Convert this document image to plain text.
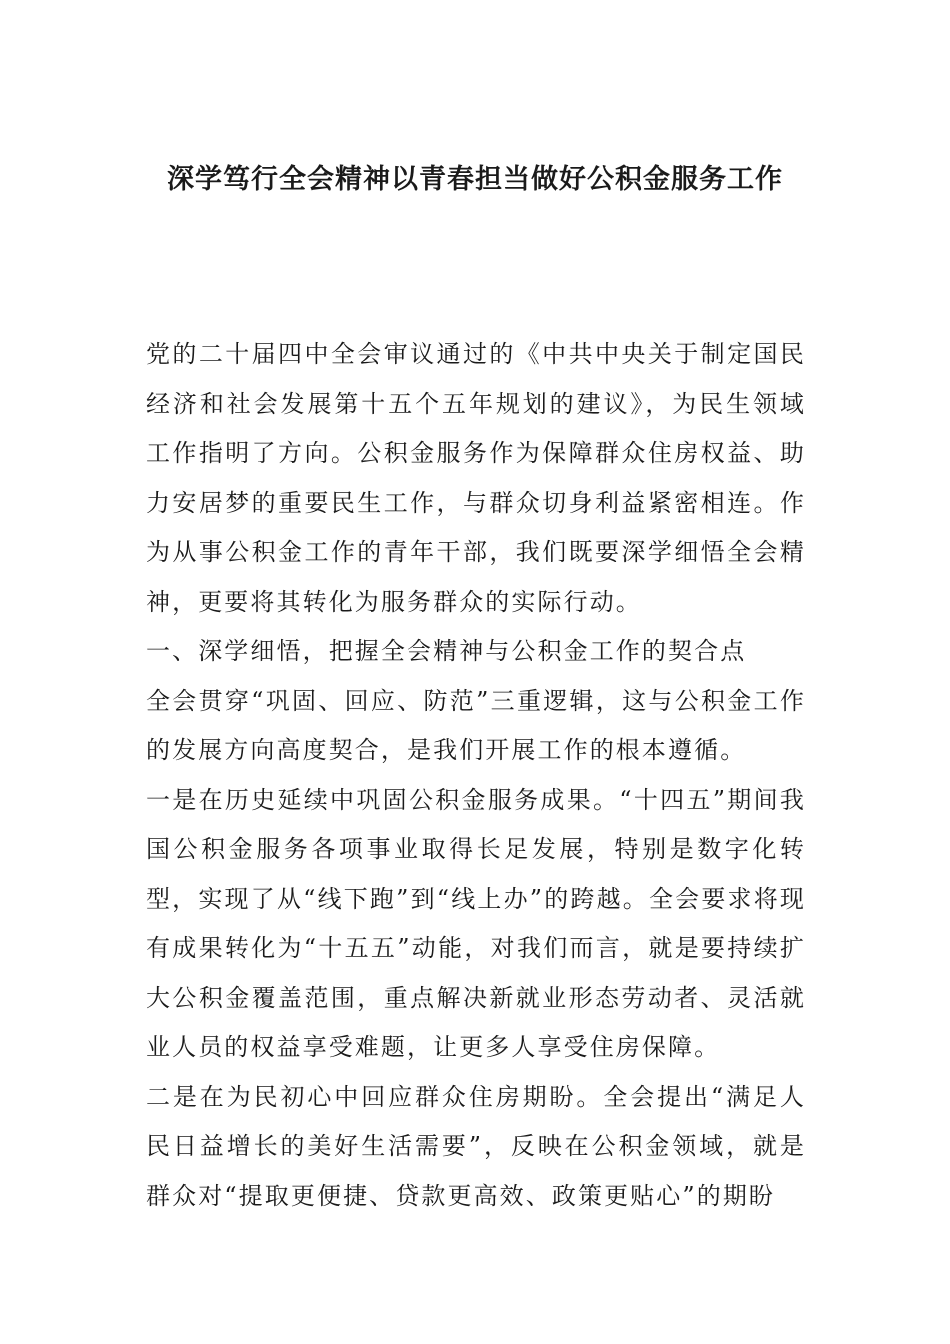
深学笃行全会精神以青春担当做好公积金服务工作

党的二十届四中全会审议通过的《中共中央关于制定国民经济和社会发展第十五个五年规划的建议》，为民生领域工作指明了方向。公积金服务作为保障群众住房权益、助力安居梦的重要民生工作，与群众切身利益紧密相连。作为从事公积金工作的青年干部，我们既要深学细悟全会精神，更要将其转化为服务群众的实际行动。

一、深学细悟，把握全会精神与公积金工作的契合点

全会贯穿“巩固、回应、防范”三重逻辑，这与公积金工作的发展方向高度契合，是我们开展工作的根本遵循。

一是在历史延续中巩固公积金服务成果。“十四五”期间我国公积金服务各项事业取得长足发展，特别是数字化转型，实现了从“线下跑”到“线上办”的跨越。全会要求将现有成果转化为“十五五”动能，对我们而言，就是要持续扩大公积金覆盖范围，重点解决新就业形态劳动者、灵活就业人员的权益享受难题，让更多人享受住房保障。

二是在为民初心中回应群众住房期盼。全会提出“满足人民日益增长的美好生活需要”，反映在公积金领域，就是群众对“提取更便捷、贷款更高效、政策更贴心”的期盼
